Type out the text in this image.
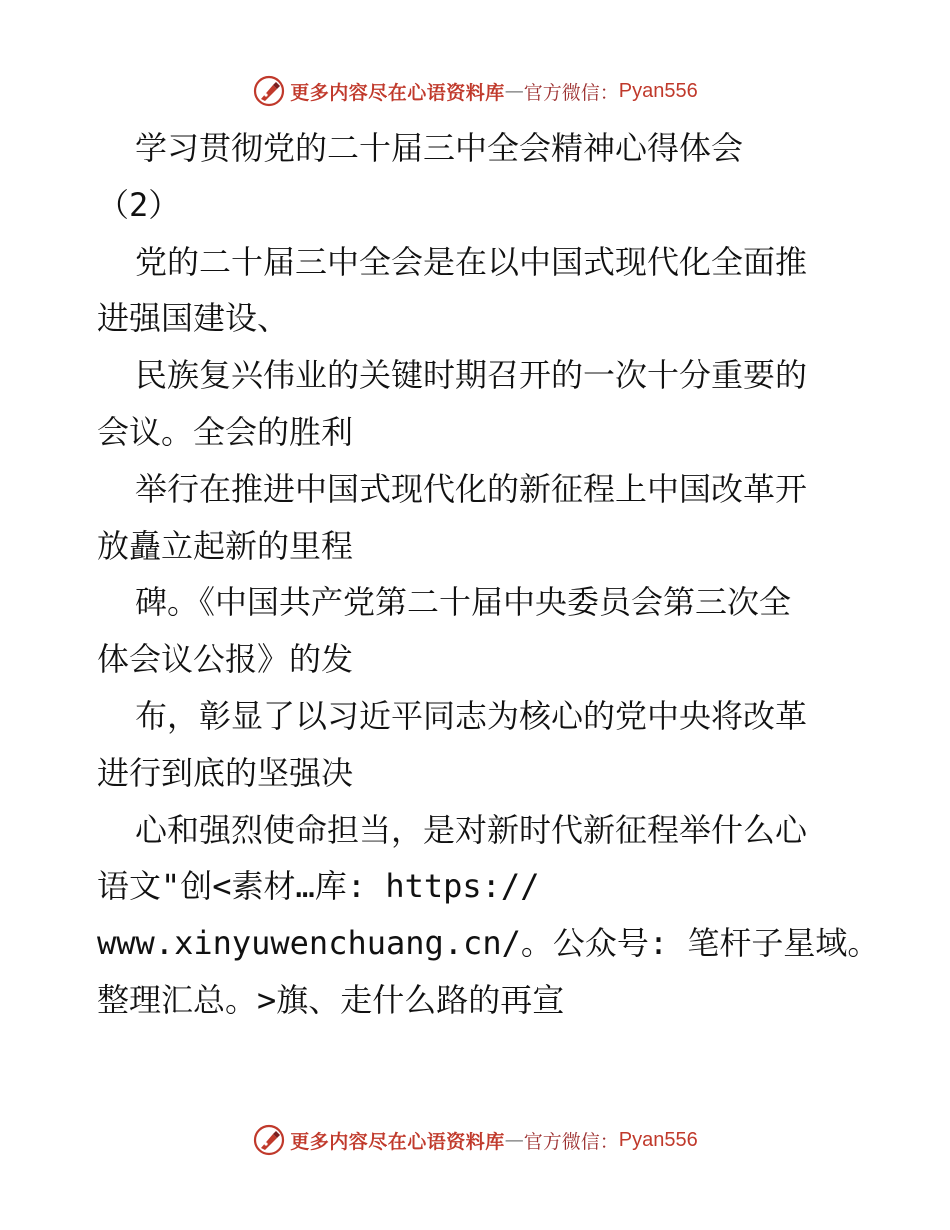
更多内容尽在心语资料库 — 官方微信： Pyan556
学习贯彻党的二十届三中全会精神心得体会
（2）
党的二十届三中全会是在以中国式现代化全面推
进强国建设、
民族复兴伟业的关键时期召开的一次十分重要的
会议。全会的胜利
举行在推进中国式现代化的新征程上中国改革开
放矗立起新的里程
碑。《中国共产党第二十届中央委员会第三次全
体会议公报》的发
布，彰显了以习近平同志为核心的党中央将改革
进行到底的坚强决
心和强烈使命担当，是对新时代新征程举什么心
语文"创<素材…库: https://
www.xinyuwenchuang.cn/。公众号: 笔杆子星域。
整理汇总。>旗、走什么路的再宣
更多内容尽在心语资料库 — 官方微信： Pyan556
